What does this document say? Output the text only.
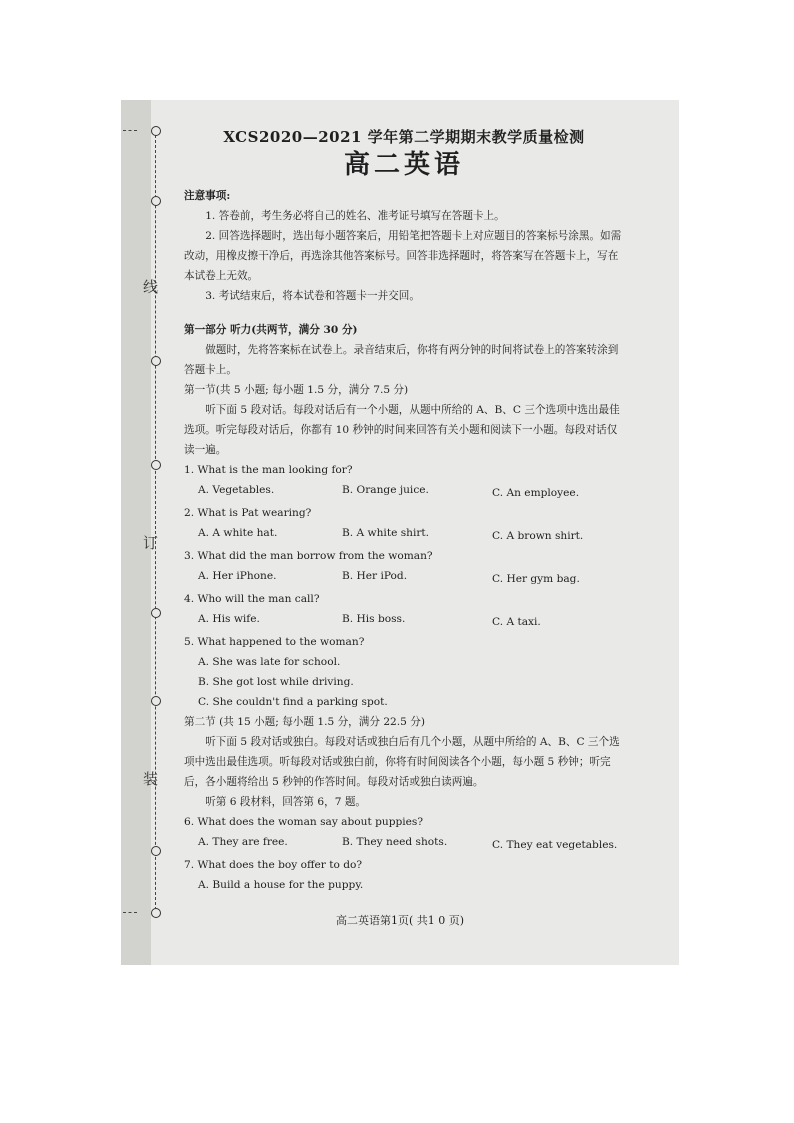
线
订
装
XCS2020—2021 学年第二学期期末教学质量检测
高二英语
注意事项:
1. 答卷前，考生务必将自己的姓名、准考证号填写在答题卡上。
2. 回答选择题时，选出每小题答案后，用铅笔把答题卡上对应题目的答案标号涂黑。如需改动，用橡皮擦干净后，再选涂其他答案标号。回答非选择题时，将答案写在答题卡上，写在本试卷上无效。
3. 考试结束后，将本试卷和答题卡一并交回。
第一部分 听力(共两节，满分 30 分)
做题时，先将答案标在试卷上。录音结束后，你将有两分钟的时间将试卷上的答案转涂到答题卡上。
第一节(共 5 小题; 每小题 1.5 分，满分 7.5 分)
听下面 5 段对话。每段对话后有一个小题，从题中所给的 A、B、C 三个选项中选出最佳选项。听完每段对话后，你都有 10 秒钟的时间来回答有关小题和阅读下一小题。每段对话仅读一遍。
1. What is the man looking for?
A. Vegetables.	B. Orange juice.	C. An employee.
2. What is Pat wearing?
A. A white hat.	B. A white shirt.	C. A brown shirt.
3. What did the man borrow from the woman?
A. Her iPhone.	B. Her iPod.	C. Her gym bag.
4. Who will the man call?
A. His wife.	B. His boss.	C. A taxi.
5. What happened to the woman?
A. She was late for school.
B. She got lost while driving.
C. She couldn't find a parking spot.
第二节 (共 15 小题; 每小题 1.5 分，满分 22.5 分)
听下面 5 段对话或独白。每段对话或独白后有几个小题，从题中所给的 A、B、C 三个选项中选出最佳选项。听每段对话或独白前，你将有时间阅读各个小题，每小题 5 秒钟；听完后，各小题将给出 5 秒钟的作答时间。每段对话或独白读两遍。
听第 6 段材料，回答第 6，7 题。
6. What does the woman say about puppies?
A. They are free.	B. They need shots.	C. They eat vegetables.
7. What does the boy offer to do?
A. Build a house for the puppy.
高二英语第1页( 共1 0 页)
